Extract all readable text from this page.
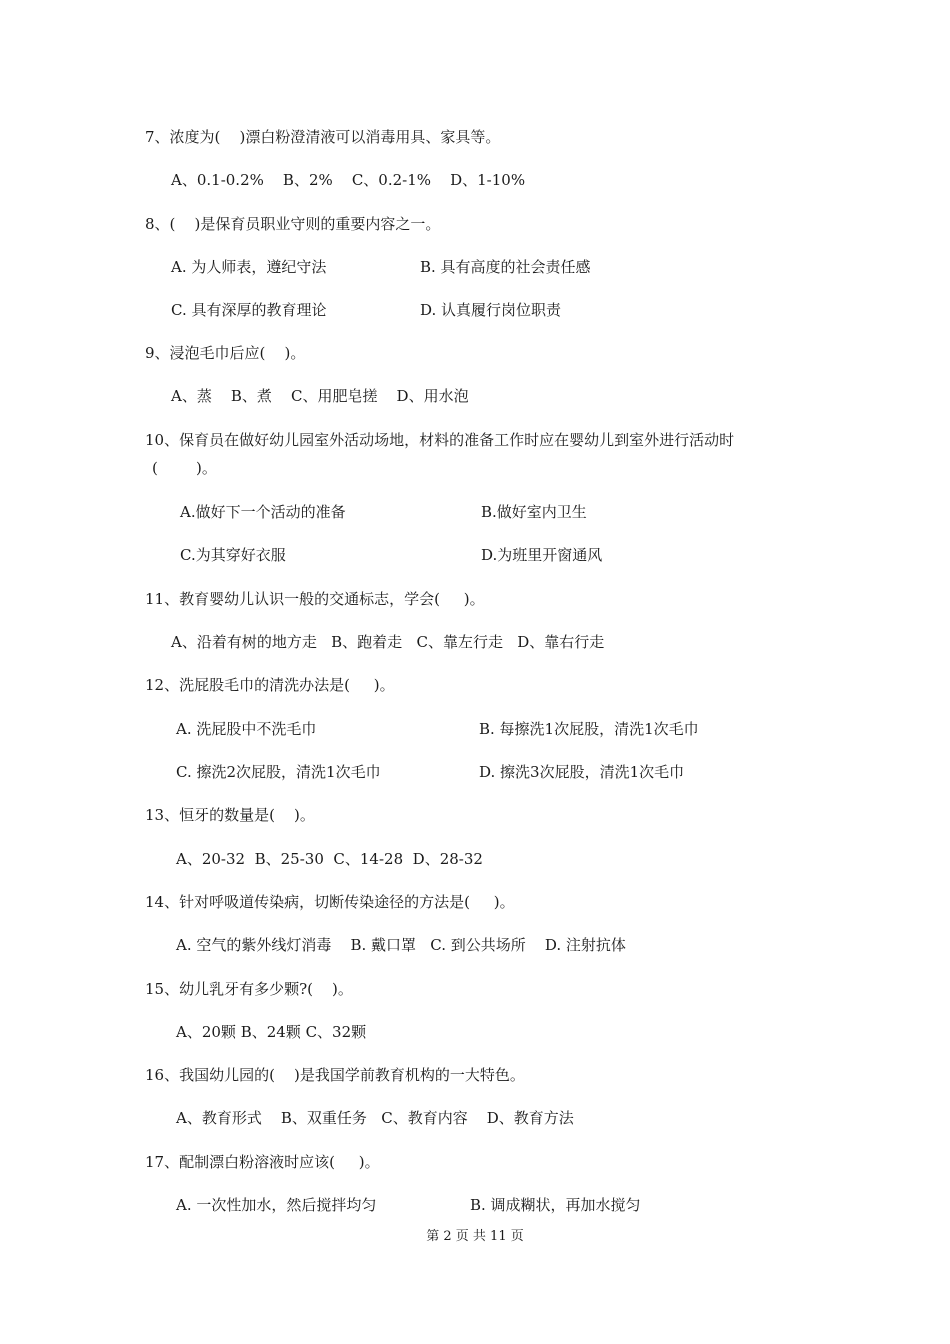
7、浓度为(    )漂白粉澄清液可以消毒用具、家具等。
A、0.1-0.2%    B、2%    C、0.2-1%    D、1-10%
8、(    )是保育员职业守则的重要内容之一。
A. 为人师表，遵纪守法	B. 具有高度的社会责任感
C. 具有深厚的教育理论	D. 认真履行岗位职责
9、浸泡毛巾后应(    )。
A、蒸    B、煮    C、用肥皂搓    D、用水泡
10、保育员在做好幼儿园室外活动场地，材料的准备工作时应在婴幼儿到室外进行活动时
(        )。
A.做好下一个活动的准备	B.做好室内卫生
C.为其穿好衣服	D.为班里开窗通风
11、教育婴幼儿认识一般的交通标志，学会(     )。
A、沿着有树的地方走   B、跑着走   C、靠左行走   D、靠右行走
12、洗屁股毛巾的清洗办法是(     )。
A. 洗屁股中不洗毛巾	B. 每擦洗1次屁股，清洗1次毛巾
C. 擦洗2次屁股，清洗1次毛巾	D. 擦洗3次屁股，清洗1次毛巾
13、恒牙的数量是(    )。
A、20-32  B、25-30  C、14-28  D、28-32
14、针对呼吸道传染病，切断传染途径的方法是(     )。
A. 空气的紫外线灯消毒    B. 戴口罩   C. 到公共场所    D. 注射抗体
15、幼儿乳牙有多少颗?(    )。
A、20颗 B、24颗 C、32颗
16、我国幼儿园的(    )是我国学前教育机构的一大特色。
A、教育形式    B、双重任务   C、教育内容    D、教育方法
17、配制漂白粉溶液时应该(     )。
A. 一次性加水，然后搅拌均匀	B. 调成糊状，再加水搅匀
第 2 页 共 11 页
